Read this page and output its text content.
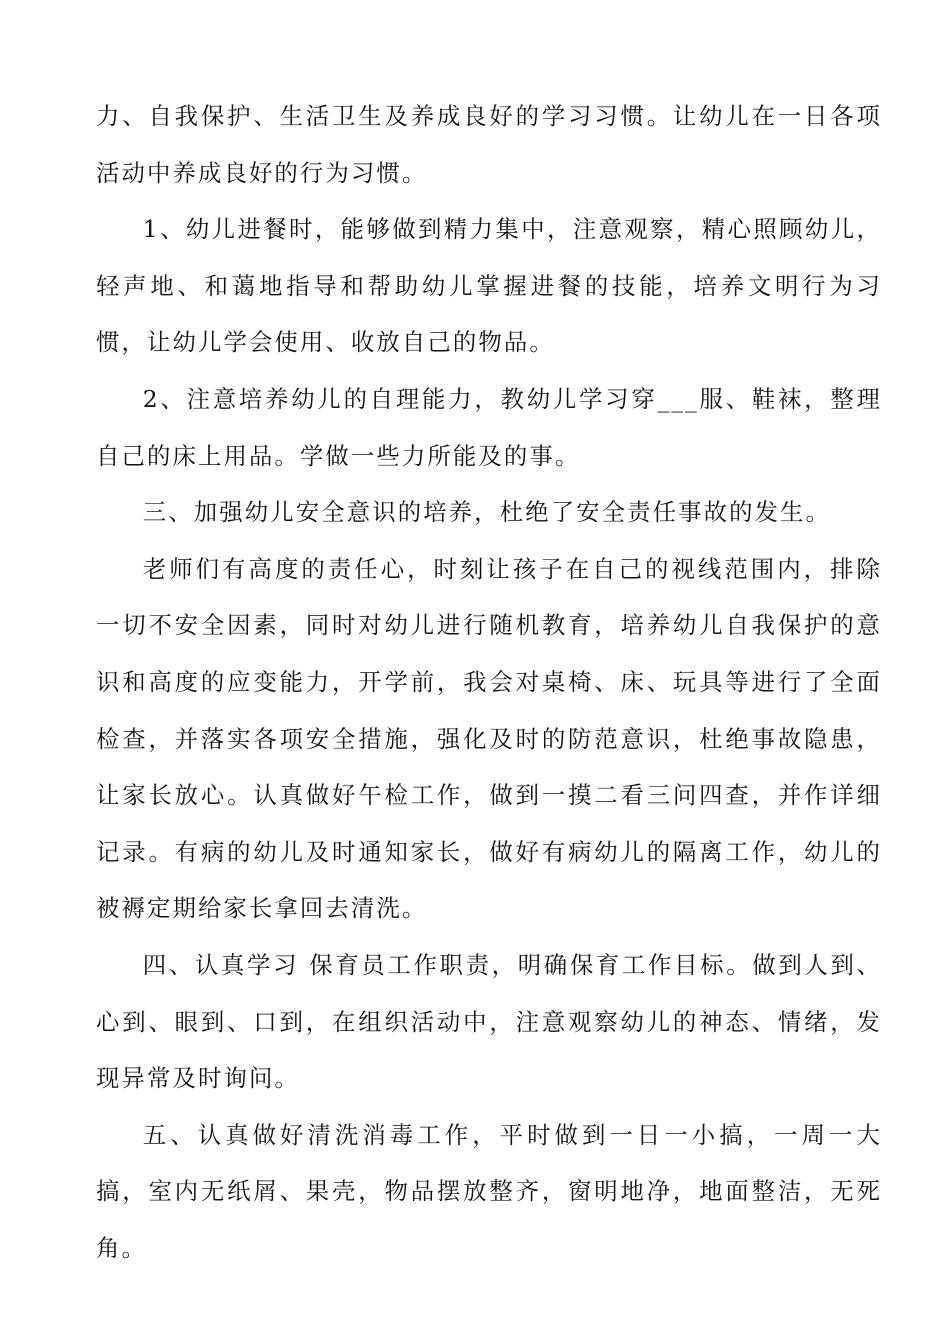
力、自我保护、生活卫生及养成良好的学习习惯。让幼儿在一日各项活动中养成良好的行为习惯。

1、幼儿进餐时，能够做到精力集中，注意观察，精心照顾幼儿，轻声地、和蔼地指导和帮助幼儿掌握进餐的技能，培养文明行为习惯，让幼儿学会使用、收放自己的物品。

2、注意培养幼儿的自理能力，教幼儿学习穿___服、鞋袜，整理自己的床上用品。学做一些力所能及的事。

三、加强幼儿安全意识的培养，杜绝了安全责任事故的发生。

老师们有高度的责任心，时刻让孩子在自己的视线范围内，排除一切不安全因素，同时对幼儿进行随机教育，培养幼儿自我保护的意识和高度的应变能力，开学前，我会对桌椅、床、玩具等进行了全面检查，并落实各项安全措施，强化及时的防范意识，杜绝事故隐患，让家长放心。认真做好午检工作，做到一摸二看三问四查，并作详细记录。有病的幼儿及时通知家长，做好有病幼儿的隔离工作，幼儿的被褥定期给家长拿回去清洗。

四、认真学习 保育员工作职责，明确保育工作目标。做到人到、心到、眼到、口到，在组织活动中，注意观察幼儿的神态、情绪，发现异常及时询问。

五、认真做好清洗消毒工作，平时做到一日一小搞，一周一大搞，室内无纸屑、果壳，物品摆放整齐，窗明地净，地面整洁，无死角。
